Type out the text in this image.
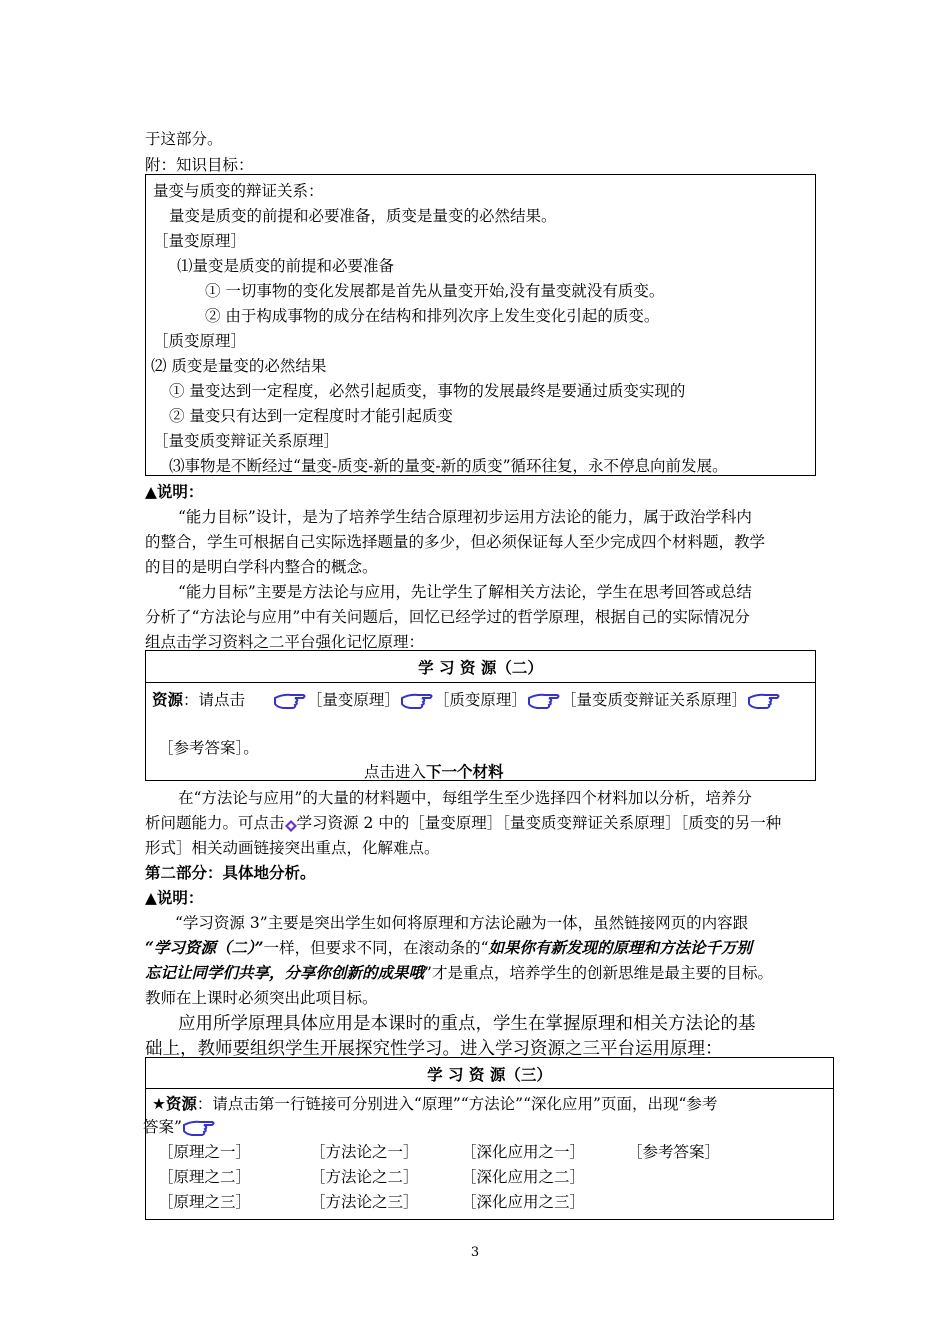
于这部分。
附：知识目标：
量变与质变的辩证关系：
量变是质变的前提和必要准备，质变是量变的必然结果。
［量变原理］
⑴量变是质变的前提和必要准备
① 一切事物的变化发展都是首先从量变开始,没有量变就没有质变。
② 由于构成事物的成分在结构和排列次序上发生变化引起的质变。
［质变原理］
⑵ 质变是量变的必然结果
① 量变达到一定程度，必然引起质变，事物的发展最终是要通过质变实现的
② 量变只有达到一定程度时才能引起质变
［量变质变辩证关系原理］
⑶事物是不断经过“量变-质变-新的量变-新的质变”循环往复，永不停息向前发展。
▲说明：
“能力目标”设计，是为了培养学生结合原理初步运用方法论的能力，属于政治学科内
的整合，学生可根据自己实际选择题量的多少，但必须保证每人至少完成四个材料题，教学
的目的是明白学科内整合的概念。
“能力目标”主要是方法论与应用，先让学生了解相关方法论，学生在思考回答或总结
分析了“方法论与应用”中有关问题后，回忆已经学过的哲学原理，根据自己的实际情况分
组点击学习资料之二平台强化记忆原理：
学 习 资 源（二）
资源：请点击	［量变原理］ ［质变原理］ ［量变质变辩证关系原理］
［参考答案］。
点击进入下一个材料
在“方法论与应用”的大量的材料题中，每组学生至少选择四个材料加以分析，培养分
析问题能力。可点击 学习资源 2 中的［量变原理］［量变质变辩证关系原理］［质变的另一种
形式］相关动画链接突出重点，化解难点。
第二部分：具体地分析。
▲说明：
“学习资源 3”主要是突出学生如何将原理和方法论融为一体，虽然链接网页的内容跟
“学习资源（二）”一样，但要求不同，在滚动条的“如果你有新发现的原理和方法论千万别
忘记让同学们共享，分享你创新的成果哦”才是重点，培养学生的创新思维是最主要的目标。
教师在上课时必须突出此项目标。
应用所学原理具体应用是本课时的重点，学生在掌握原理和相关方法论的基
础上，教师要组织学生开展探究性学习。进入学习资源之三平台运用原理：
学 习 资 源（三）
★资源：请点击第一行链接可分别进入“原理”“方法论”“深化应用”页面，出现“参考
答案”
［原理之一］	［方法论之一］	［深化应用之一］	［参考答案］
［原理之二］	［方法论之二］	［深化应用之二］
［原理之三］	［方法论之三］	［深化应用之三］
3
